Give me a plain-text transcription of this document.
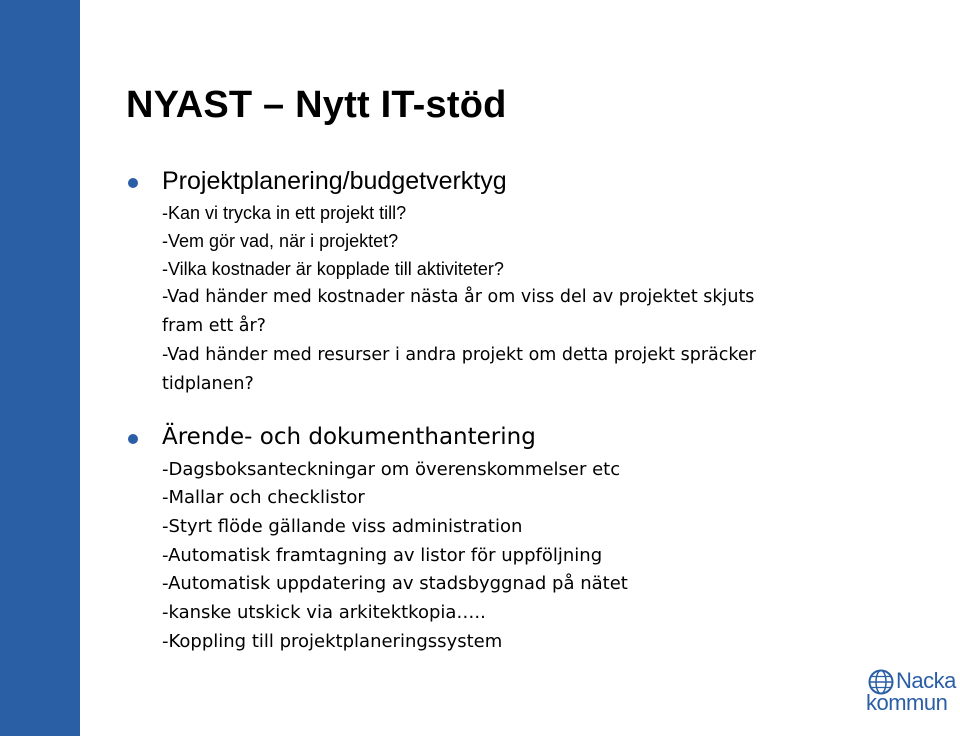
NYAST – Nytt IT-stöd
Projektplanering/budgetverktyg
-Kan vi trycka in ett projekt till?
-Vem gör vad, när i projektet?
-Vilka kostnader är kopplade till aktiviteter?
-Vad händer med kostnader nästa år om viss del av projektet skjuts
fram ett år?
-Vad händer med resurser i andra projekt om detta projekt spräcker
tidplanen?
Ärende- och dokumenthantering
-Dagsboksanteckningar om överenskommelser etc
-Mallar och checklistor
-Styrt flöde gällande viss administration
-Automatisk framtagning av listor för uppföljning
-Automatisk uppdatering av stadsbyggnad på nätet
-kanske utskick via arkitektkopia…..
-Koppling till projektplaneringssystem
Nacka
kommun
